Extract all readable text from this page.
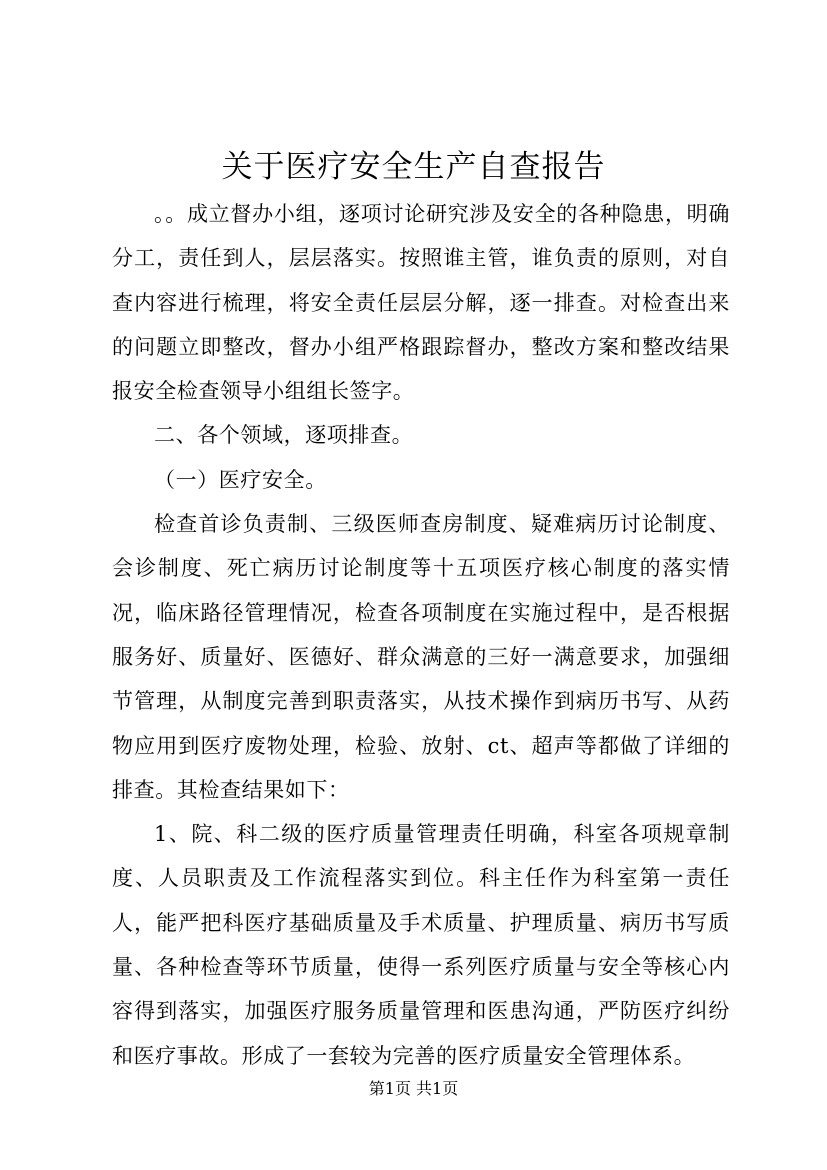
关于医疗安全生产自查报告

。。成立督办小组，逐项讨论研究涉及安全的各种隐患，明确分工，责任到人，层层落实。按照谁主管，谁负责的原则，对自查内容进行梳理，将安全责任层层分解，逐一排查。对检查出来的问题立即整改，督办小组严格跟踪督办，整改方案和整改结果报安全检查领导小组组长签字。

二、各个领域，逐项排查。

（一）医疗安全。

检查首诊负责制、三级医师查房制度、疑难病历讨论制度、会诊制度、死亡病历讨论制度等十五项医疗核心制度的落实情况，临床路径管理情况，检查各项制度在实施过程中，是否根据服务好、质量好、医德好、群众满意的三好一满意要求，加强细节管理，从制度完善到职责落实，从技术操作到病历书写、从药物应用到医疗废物处理，检验、放射、ct、超声等都做了详细的排查。其检查结果如下：

1、院、科二级的医疗质量管理责任明确，科室各项规章制度、人员职责及工作流程落实到位。科主任作为科室第一责任人，能严把科医疗基础质量及手术质量、护理质量、病历书写质量、各种检查等环节质量，使得一系列医疗质量与安全等核心内容得到落实，加强医疗服务质量管理和医患沟通，严防医疗纠纷和医疗事故。形成了一套较为完善的医疗质量安全管理体系。

第1页 共1页
